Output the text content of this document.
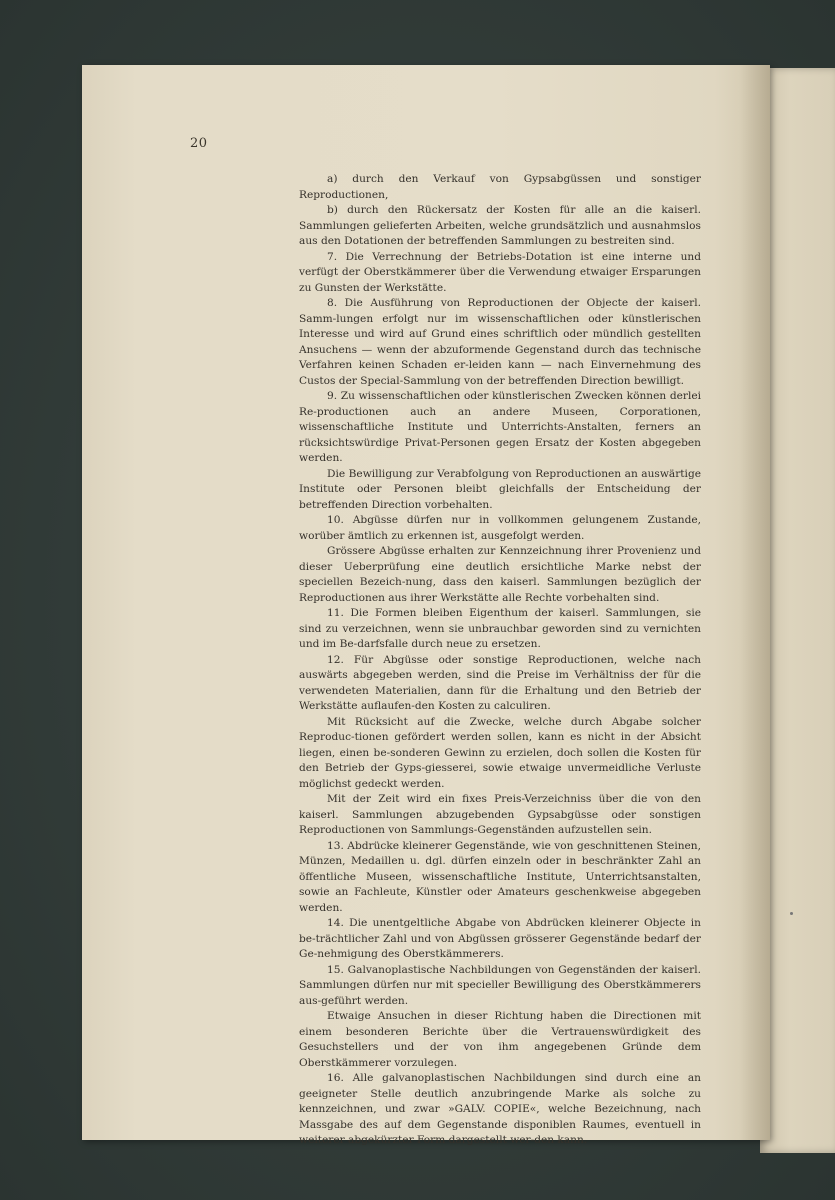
20

a) durch den Verkauf von Gypsabgüssen und sonstiger Reproductionen,

b) durch den Rückersatz der Kosten für alle an die kaiserl. Sammlungen gelieferten Arbeiten, welche grundsätzlich und ausnahmslos aus den Dotationen der betreffenden Sammlungen zu bestreiten sind.

7. Die Verrechnung der Betriebs-Dotation ist eine interne und verfügt der Oberstkämmerer über die Verwendung etwaiger Ersparungen zu Gunsten der Werkstätte.

8. Die Ausführung von Reproductionen der Objecte der kaiserl. Samm-lungen erfolgt nur im wissenschaftlichen oder künstlerischen Interesse und wird auf Grund eines schriftlich oder mündlich gestellten Ansuchens — wenn der abzuformende Gegenstand durch das technische Verfahren keinen Schaden er-leiden kann — nach Einvernehmung des Custos der Special-Sammlung von der betreffenden Direction bewilligt.

9. Zu wissenschaftlichen oder künstlerischen Zwecken können derlei Re-productionen auch an andere Museen, Corporationen, wissenschaftliche Institute und Unterrichts-Anstalten, ferners an rücksichtswürdige Privat-Personen gegen Ersatz der Kosten abgegeben werden.

Die Bewilligung zur Verabfolgung von Reproductionen an auswärtige Institute oder Personen bleibt gleichfalls der Entscheidung der betreffenden Direction vorbehalten.

10. Abgüsse dürfen nur in vollkommen gelungenem Zustande, worüber ämtlich zu erkennen ist, ausgefolgt werden.

Grössere Abgüsse erhalten zur Kennzeichnung ihrer Provenienz und dieser Ueberprüfung eine deutlich ersichtliche Marke nebst der speciellen Bezeich-nung, dass den kaiserl. Sammlungen bezüglich der Reproductionen aus ihrer Werkstätte alle Rechte vorbehalten sind.

11. Die Formen bleiben Eigenthum der kaiserl. Sammlungen, sie sind zu verzeichnen, wenn sie unbrauchbar geworden sind zu vernichten und im Be-darfsfalle durch neue zu ersetzen.

12. Für Abgüsse oder sonstige Reproductionen, welche nach auswärts abgegeben werden, sind die Preise im Verhältniss der für die verwendeten Materialien, dann für die Erhaltung und den Betrieb der Werkstätte auflaufen-den Kosten zu calculiren.

Mit Rücksicht auf die Zwecke, welche durch Abgabe solcher Reproduc-tionen gefördert werden sollen, kann es nicht in der Absicht liegen, einen be-sonderen Gewinn zu erzielen, doch sollen die Kosten für den Betrieb der Gyps-giesserei, sowie etwaige unvermeidliche Verluste möglichst gedeckt werden.

Mit der Zeit wird ein fixes Preis-Verzeichniss über die von den kaiserl. Sammlungen abzugebenden Gypsabgüsse oder sonstigen Reproductionen von Sammlungs-Gegenständen aufzustellen sein.

13. Abdrücke kleinerer Gegenstände, wie von geschnittenen Steinen, Münzen, Medaillen u. dgl. dürfen einzeln oder in beschränkter Zahl an öffentliche Museen, wissenschaftliche Institute, Unterrichtsanstalten, sowie an Fachleute, Künstler oder Amateurs geschenkweise abgegeben werden.

14. Die unentgeltliche Abgabe von Abdrücken kleinerer Objecte in be-trächtlicher Zahl und von Abgüssen grösserer Gegenstände bedarf der Ge-nehmigung des Oberstkämmerers.

15. Galvanoplastische Nachbildungen von Gegenständen der kaiserl. Sammlungen dürfen nur mit specieller Bewilligung des Oberstkämmerers aus-geführt werden.

Etwaige Ansuchen in dieser Richtung haben die Directionen mit einem besonderen Berichte über die Vertrauenswürdigkeit des Gesuchstellers und der von ihm angegebenen Gründe dem Oberstkämmerer vorzulegen.

16. Alle galvanoplastischen Nachbildungen sind durch eine an geeigneter Stelle deutlich anzubringende Marke als solche zu kennzeichnen, und zwar »GALV. COPIE«, welche Bezeichnung, nach Massgabe des auf dem Gegenstande disponiblen Raumes, eventuell in weiterer abgekürzter Form dargestellt wer-den kann.
